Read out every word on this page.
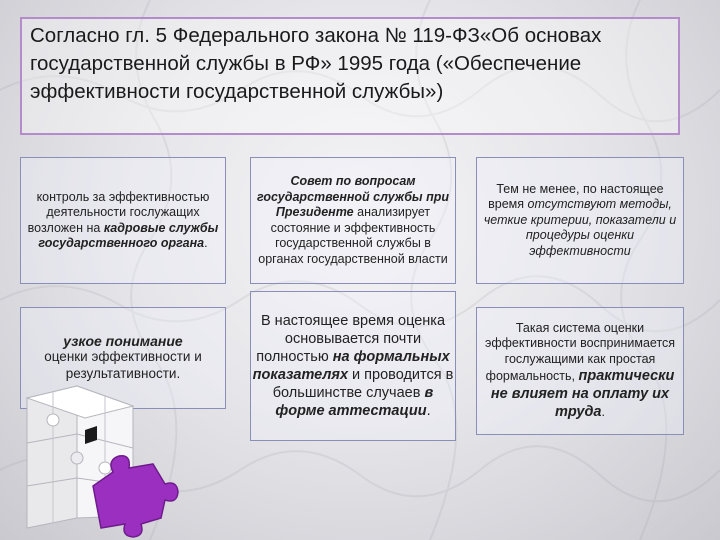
Согласно гл. 5 Федерального закона № 119-ФЗ«Об основах государственной службы в РФ» 1995 года («Обеспечение эффективности государственной службы»)

контроль за эффективностью деятельности гослужащих возложен на кадровые службы государственного органа.

Совет по вопросам государственной службы при Президенте анализирует состояние и эффективность государственной службы в органах государственной власти

Тем не менее, по настоящее время отсутствуют методы, четкие критерии, показатели и процедуры оценки эффективности

узкое понимание
оценки эффективности и результативности.

В настоящее время оценка основывается почти полностью на формальных показателях и проводится в большинстве случаев в форме аттестации.

Такая система оценки эффективности воспринимается гослужащими как простая формальность, практически не влияет на оплату их труда.
